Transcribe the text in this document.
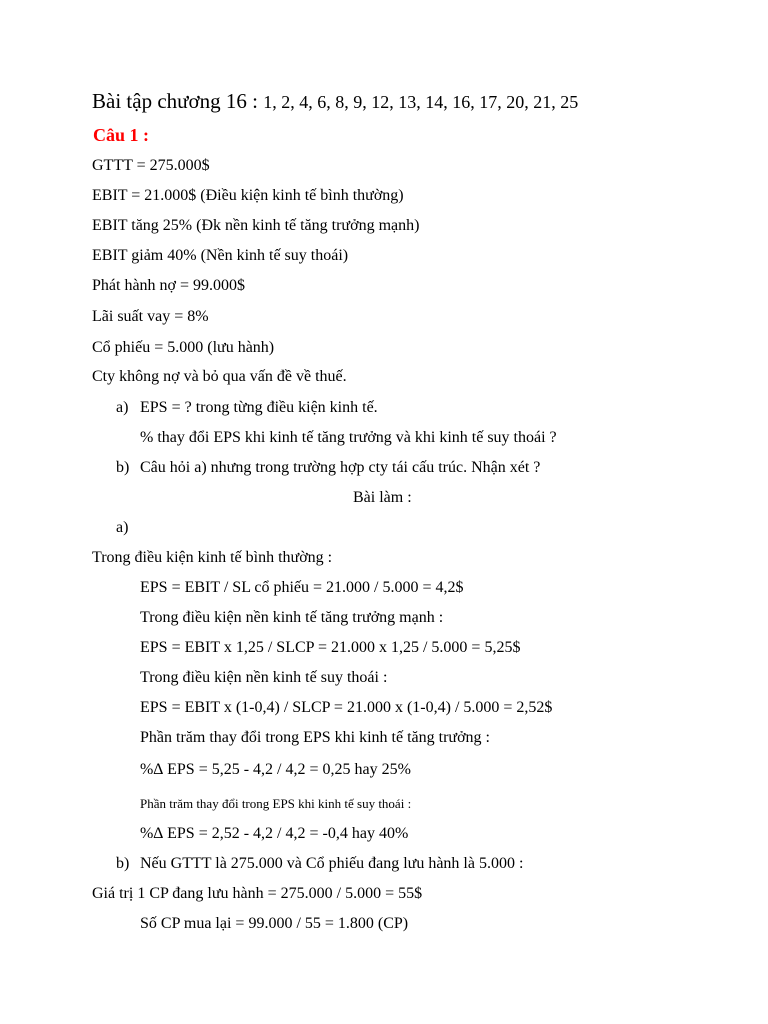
Bài tập chương 16 : 1, 2, 4, 6, 8, 9, 12, 13, 14, 16, 17, 20, 21, 25
Câu 1 :
GTTT = 275.000$
EBIT = 21.000$ (Điều kiện kinh tế bình thường)
EBIT tăng 25% (Đk nền kinh tế tăng trưởng mạnh)
EBIT giảm 40% (Nền kinh tế suy thoái)
Phát hành nợ = 99.000$
Lãi suất vay = 8%
Cổ phiếu = 5.000 (lưu hành)
Cty không nợ và bỏ qua vấn đề về thuế.
a) EPS = ? trong từng điều kiện kinh tế.
% thay đổi EPS khi kinh tế tăng trưởng và khi kinh tế suy thoái ?
b) Câu hỏi a) nhưng trong trường hợp cty tái cấu trúc. Nhận xét ?
Bài làm :
a)
Trong điều kiện kinh tế bình thường :
EPS = EBIT / SL cổ phiếu = 21.000 / 5.000 = 4,2$
Trong điều kiện nền kinh tế tăng trưởng mạnh :
EPS = EBIT x 1,25 / SLCP = 21.000 x 1,25 / 5.000 = 5,25$
Trong điều kiện nền kinh tế suy thoái :
EPS = EBIT x (1-0,4) / SLCP = 21.000 x (1-0,4) / 5.000 = 2,52$
Phần trăm thay đổi trong EPS khi kinh tế tăng trưởng :
%∆ EPS = 5,25 - 4,2 / 4,2 = 0,25 hay 25%
Phần trăm thay đổi trong EPS khi kinh tế suy thoái :
%∆ EPS = 2,52 - 4,2 / 4,2 = -0,4 hay 40%
b) Nếu GTTT là 275.000 và Cổ phiếu đang lưu hành là 5.000 :
Giá trị 1 CP đang lưu hành = 275.000 / 5.000 = 55$
Số CP mua lại = 99.000 / 55 = 1.800 (CP)
